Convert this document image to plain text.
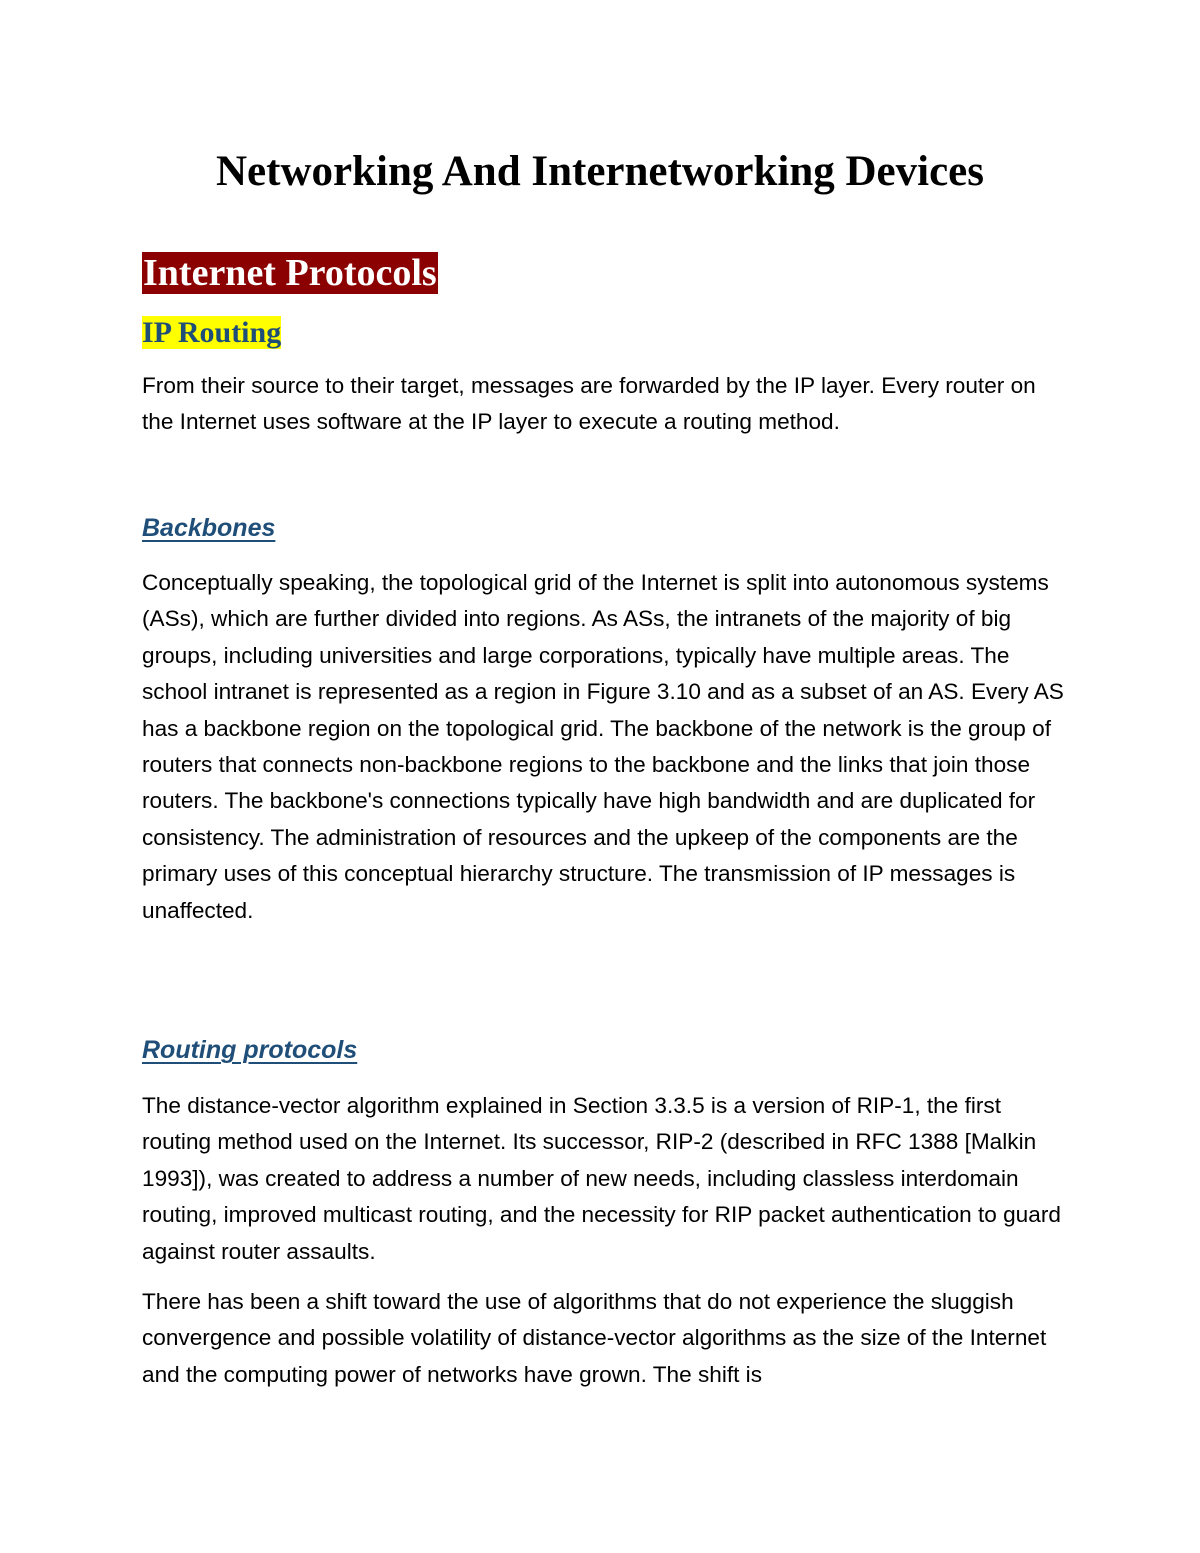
Networking And Internetworking Devices
Internet Protocols
IP Routing

From their source to their target, messages are forwarded by the IP layer. Every router on the Internet uses software at the IP layer to execute a routing method.

Backbones

Conceptually speaking, the topological grid of the Internet is split into autonomous systems (ASs), which are further divided into regions. As ASs, the intranets of the majority of big groups, including universities and large corporations, typically have multiple areas. The school intranet is represented as a region in Figure 3.10 and as a subset of an AS. Every AS has a backbone region on the topological grid. The backbone of the network is the group of routers that connects non-backbone regions to the backbone and the links that join those routers. The backbone's connections typically have high bandwidth and are duplicated for consistency. The administration of resources and the upkeep of the components are the primary uses of this conceptual hierarchy structure. The transmission of IP messages is unaffected.

Routing protocols

The distance-vector algorithm explained in Section 3.3.5 is a version of RIP-1, the first routing method used on the Internet. Its successor, RIP-2 (described in RFC 1388 [Malkin 1993]), was created to address a number of new needs, including classless interdomain routing, improved multicast routing, and the necessity for RIP packet authentication to guard against router assaults.

There has been a shift toward the use of algorithms that do not experience the sluggish convergence and possible volatility of distance-vector algorithms as the size of the Internet and the computing power of networks have grown. The shift is
